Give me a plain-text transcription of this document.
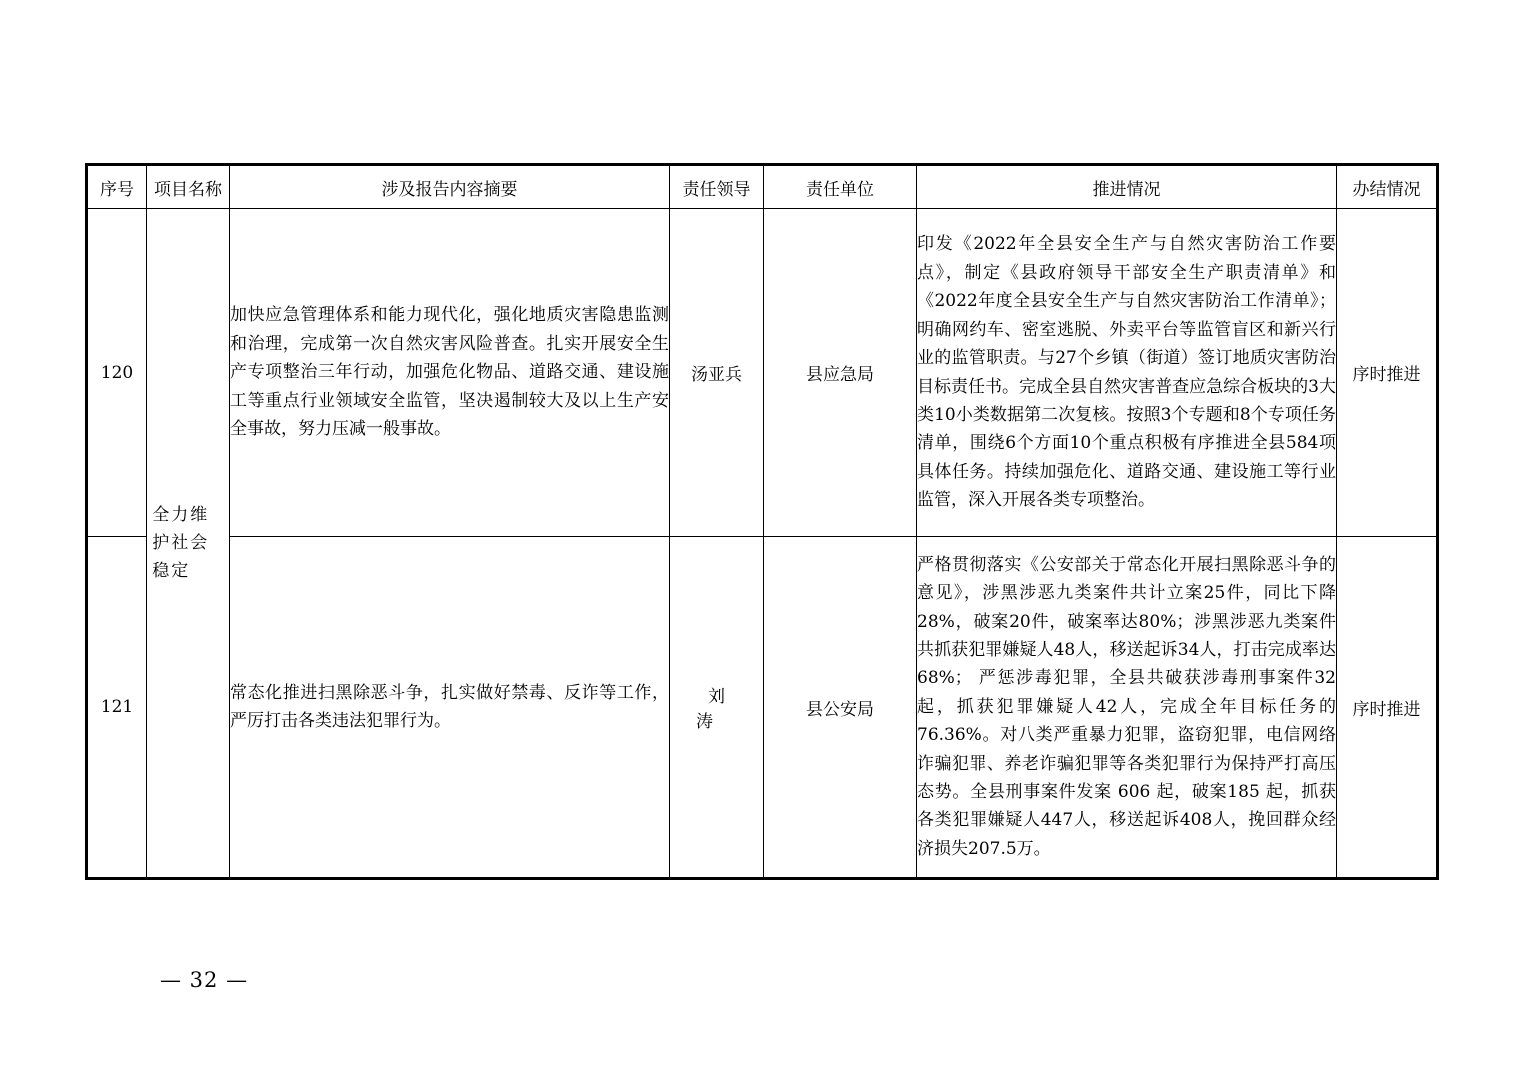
序号	项目名称	涉及报告内容摘要	责任领导	责任单位	推进情况	办结情况
120	全力维护社会稳定	加快应急管理体系和能力现代化，强化地质灾害隐患监测和治理，完成第一次自然灾害风险普查。扎实开展安全生产专项整治三年行动，加强危化物品、道路交通、建设施工等重点行业领域安全监管，坚决遏制较大及以上生产安全事故，努力压减一般事故。	汤亚兵	县应急局	印发《2022年全县安全生产与自然灾害防治工作要点》，制定《县政府领导干部安全生产职责清单》和《2022年度全县安全生产与自然灾害防治工作清单》；明确网约车、密室逃脱、外卖平台等监管盲区和新兴行业的监管职责。与27个乡镇（街道）签订地质灾害防治目标责任书。完成全县自然灾害普查应急综合板块的3大类10小类数据第二次复核。按照3个专题和8个专项任务清单，围绕6个方面10个重点积极有序推进全县584项具体任务。持续加强危化、道路交通、建设施工等行业监管，深入开展各类专项整治。	序时推进
121		常态化推进扫黑除恶斗争，扎实做好禁毒、反诈等工作，严厉打击各类违法犯罪行为。	刘涛	县公安局	严格贯彻落实《公安部关于常态化开展扫黑除恶斗争的意见》，涉黑涉恶九类案件共计立案25件，同比下降28%，破案20件，破案率达80%；涉黑涉恶九类案件共抓获犯罪嫌疑人48人，移送起诉34人，打击完成率达68%； 严惩涉毒犯罪，全县共破获涉毒刑事案件32起，抓获犯罪嫌疑人42人，完成全年目标任务的76.36%。对八类严重暴力犯罪，盗窃犯罪，电信网络诈骗犯罪、养老诈骗犯罪等各类犯罪行为保持严打高压态势。全县刑事案件发案 606 起，破案185 起，抓获各类犯罪嫌疑人447人，移送起诉408人，挽回群众经济损失207.5万。	序时推进
— 32 —
